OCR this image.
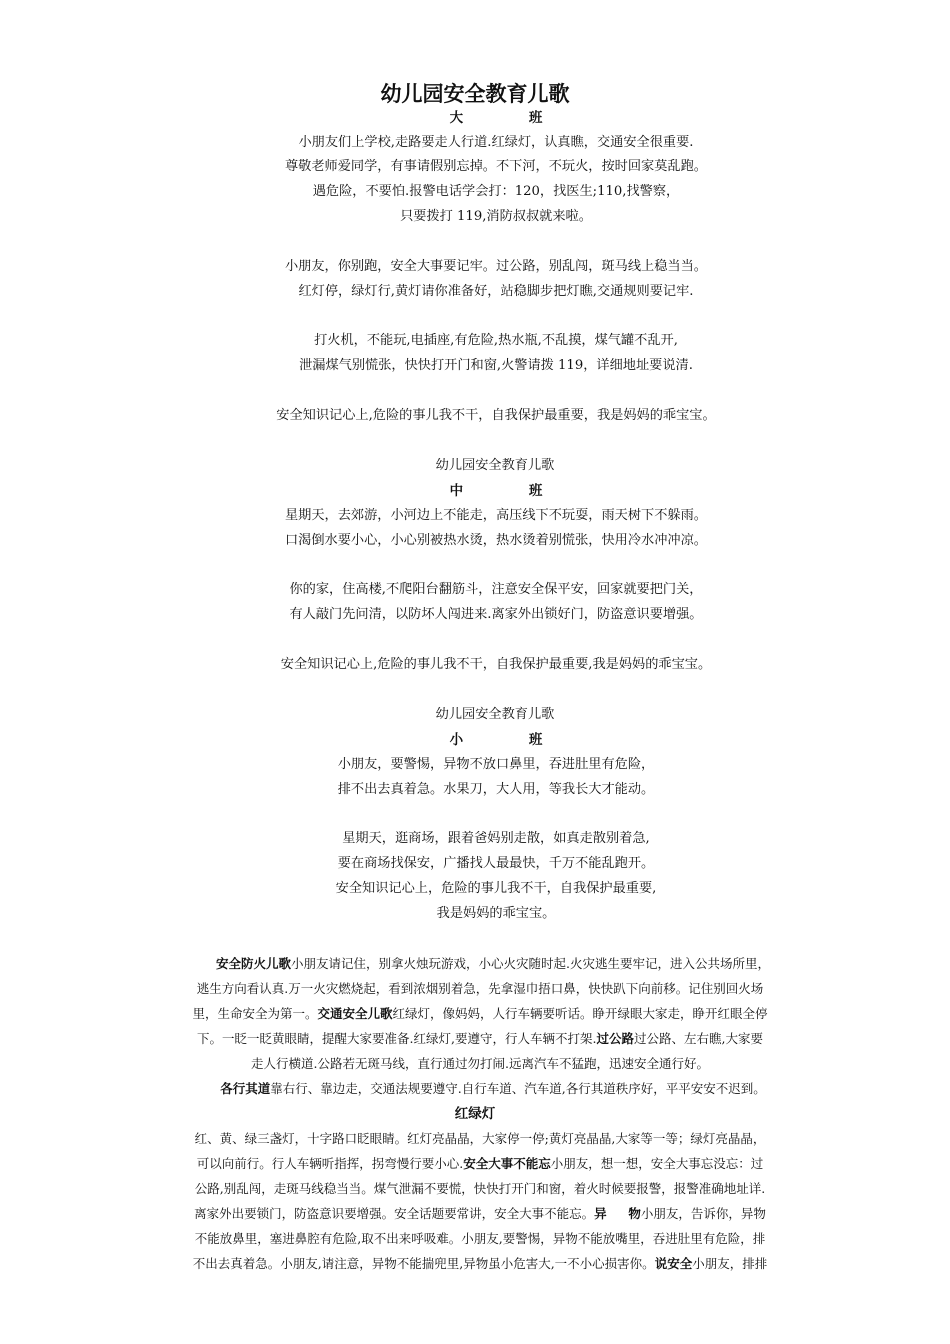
幼儿园安全教育儿歌
大              班

小朋友们上学校,走路要走人行道.红绿灯，认真瞧，交通安全很重要.

尊敬老师爱同学，有事请假别忘掉。不下河，不玩火，按时回家莫乱跑。

遇危险，不要怕.报警电话学会打：120，找医生;110,找警察，

只要拨打 119,消防叔叔就来啦。

小朋友，你别跑，安全大事要记牢。过公路，别乱闯，斑马线上稳当当。

红灯停，绿灯行,黄灯请你准备好，站稳脚步把灯瞧,交通规则要记牢.

打火机，不能玩,电插座,有危险,热水瓶,不乱摸，煤气罐不乱开,

泄漏煤气别慌张，快快打开门和窗,火警请拨 119，详细地址要说清.

安全知识记心上,危险的事儿我不干，自我保护最重要，我是妈妈的乖宝宝。

幼儿园安全教育儿歌
中              班

星期天，去郊游，小河边上不能走，高压线下不玩耍，雨天树下不躲雨。

口渴倒水要小心，小心别被热水烫，热水烫着别慌张，快用冷水冲冲凉。

你的家，住高楼,不爬阳台翻筋斗，注意安全保平安，回家就要把门关，

有人敲门先问清，以防坏人闯进来.离家外出锁好门，防盗意识要增强。

安全知识记心上,危险的事儿我不干，自我保护最重要,我是妈妈的乖宝宝。

幼儿园安全教育儿歌
小              班

小朋友，要警惕，异物不放口鼻里，吞进肚里有危险，

排不出去真着急。水果刀，大人用，等我长大才能动。

星期天，逛商场，跟着爸妈别走散，如真走散别着急,

要在商场找保安，广播找人最最快，千万不能乱跑开。

安全知识记心上，危险的事儿我不干，自我保护最重要,

我是妈妈的乖宝宝。

安全防火儿歌小朋友请记住，别拿火烛玩游戏，小心火灾随时起.火灾逃生要牢记，进入公共场所里，

逃生方向看认真.万一火灾燃烧起，看到浓烟别着急，先拿湿巾捂口鼻，快快趴下向前移。记住别回火场

里，生命安全为第一。交通安全儿歌红绿灯，像妈妈，人行车辆要听话。睁开绿眼大家走，睁开红眼全停

下。一眨一眨黄眼睛，提醒大家要准备.红绿灯,要遵守，行人车辆不打架.过公路过公路、左右瞧,大家要

走人行横道.公路若无斑马线，直行通过勿打闹.远离汽车不猛跑，迅速安全通行好。

各行其道靠右行、靠边走，交通法规要遵守.自行车道、汽车道,各行其道秩序好，平平安安不迟到。

红绿灯

红、黄、绿三盏灯，十字路口眨眼睛。红灯亮晶晶，大家停一停;黄灯亮晶晶,大家等一等；绿灯亮晶晶，

可以向前行。行人车辆听指挥，拐弯慢行要小心.安全大事不能忘小朋友，想一想，安全大事忘没忘：过

公路,别乱闯，走斑马线稳当当。煤气泄漏不要慌，快快打开门和窗，着火时候要报警，报警准确地址详.

离家外出要锁门，防盗意识要增强。安全话题要常讲，安全大事不能忘。异     物小朋友，告诉你，异物

不能放鼻里，塞进鼻腔有危险,取不出来呼吸难。小朋友,要警惕，异物不能放嘴里，吞进肚里有危险，排

不出去真着急。小朋友,请注意，异物不能揣兜里,异物虽小危害大,一不小心损害你。说安全小朋友，排排
